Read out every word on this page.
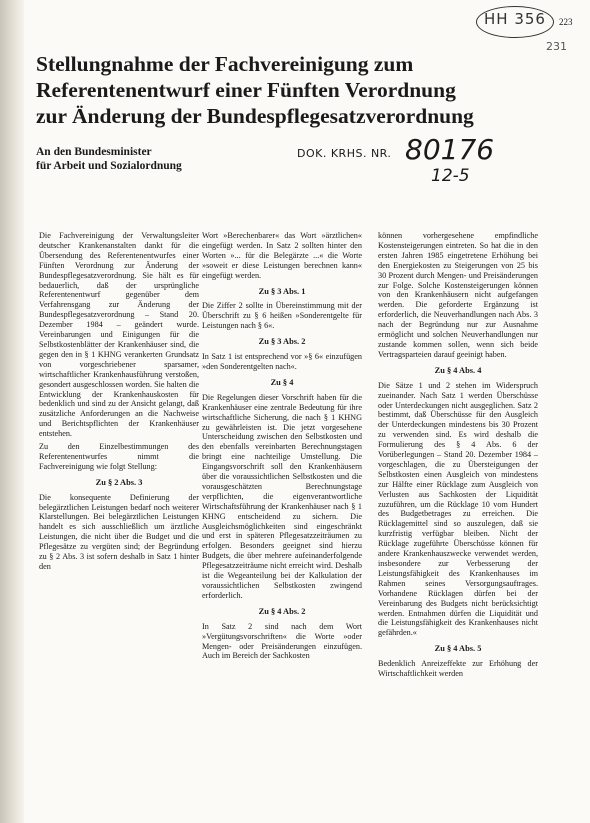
223
HH 356
231
Stellungnahme der Fachvereinigung zum
Referentenentwurf einer Fünften Verordnung
zur Änderung der Bundespflegesatzverordnung
An den Bundesminister
für Arbeit und Sozialordnung
DOK. KRHS. NR. 80176
12-5

Die Fachvereinigung der Verwaltungsleiter deutscher Krankenanstalten dankt für die Übersendung des Referentenentwurfes einer Fünften Verordnung zur Änderung der Bundespflegesatzverordnung. Sie hält es für bedauerlich, daß der ursprüngliche Referentenentwurf gegenüber dem Verfahrensgang zur Änderung der Bundespflegesatzverordnung – Stand 20. Dezember 1984 – geändert wurde. Vereinbarungen und Einigungen für die Selbstkostenblätter der Krankenhäuser sind, die gegen den in § 1 KHNG verankerten Grundsatz von vorgeschriebener sparsamer, wirtschaftlicher Krankenhausführung verstoßen, gesondert ausgeschlossen worden. Sie halten die Entwicklung der Krankenhauskosten für bedenklich und sind zu der Ansicht gelangt, daß zusätzliche Anforderungen an die Nachweise und Berichtspflichten der Krankenhäuser entstehen.

Zu den Einzelbestimmungen des Referentenentwurfes nimmt die Fachvereinigung wie folgt Stellung:

Zu § 2 Abs. 3

Die konsequente Definierung der belegärztlichen Leistungen bedarf noch weiterer Klarstellungen. Bei belegärztlichen Leistungen handelt es sich ausschließlich um ärztliche Leistungen, die nicht über die Budget und die Pflegesätze zu vergüten sind; der Begründung zu § 2 Abs. 3 ist sofern deshalb in Satz 1 hinter den

Wort »Berechenbarer« das Wort »ärztlichen« eingefügt werden. In Satz 2 sollten hinter den Worten »... für die Belegärzte ...« die Worte »soweit er diese Leistungen berechnen kann« eingefügt werden.

Zu § 3 Abs. 1

Die Ziffer 2 sollte in Übereinstimmung mit der Überschrift zu § 6 heißen »Sonderentgelte für Leistungen nach § 6«.

Zu § 3 Abs. 2

In Satz 1 ist entsprechend vor »§ 6« einzufügen »den Sonderentgelten nach«.

Zu § 4

Die Regelungen dieser Vorschrift haben für die Krankenhäuser eine zentrale Bedeutung für ihre wirtschaftliche Sicherung, die nach § 1 KHNG zu gewährleisten ist. Die jetzt vorgesehene Unterscheidung zwischen den Selbstkosten und den ebenfalls vereinbarten Berechnungstagen bringt eine nachteilige Umstellung. Die Eingangsvorschrift soll den Krankenhäusern über die voraussichtlichen Selbstkosten und die vorausgeschätzten Berechnungstage verpflichten, die eigenverantwortliche Wirtschaftsführung der Krankenhäuser nach § 1 KHNG entscheidend zu sichern. Die Ausgleichsmöglichkeiten sind eingeschränkt und erst in späteren Pflegesatzzeiträumen zu erfolgen. Besonders geeignet sind hierzu Budgets, die über mehrere aufeinanderfolgende Pflegesatzzeiträume nicht erreicht wird. Deshalb ist die Wegeanteilung bei der Kalkulation der voraussichtlichen Selbstkosten zwingend erforderlich.

Zu § 4 Abs. 2

In Satz 2 sind nach dem Wort »Vergütungsvorschriften« die Worte »oder Mengen- oder Preisänderungen einzufügen. Auch im Bereich der Sachkosten

können vorhergesehene empfindliche Kostensteigerungen eintreten. So hat die in den ersten Jahren 1985 eingetretene Erhöhung bei den Energiekosten zu Steigerungen von 25 bis 30 Prozent durch Mengen- und Preisänderungen zur Folge. Solche Kostensteigerungen können von den Krankenhäusern nicht aufgefangen werden. Die geforderte Ergänzung ist erforderlich, die Neuverhandlungen nach Abs. 3 nach der Begründung nur zur Ausnahme ermöglicht und solchen Neuverhandlungen nur zustande kommen sollen, wenn sich beide Vertragsparteien darauf geeinigt haben.

Zu § 4 Abs. 4

Die Sätze 1 und 2 stehen im Widerspruch zueinander. Nach Satz 1 werden Überschüsse oder Unterdeckungen nicht ausgeglichen. Satz 2 bestimmt, daß Überschüsse für den Ausgleich der Unterdeckungen mindestens bis 30 Prozent zu verwenden sind. Es wird deshalb die Formulierung des § 4 Abs. 6 der Vorüberlegungen – Stand 20. Dezember 1984 – vorgeschlagen, die zu Übersteigungen der Selbstkosten einen Ausgleich von mindestens zur Hälfte einer Rücklage zum Ausgleich von Verlusten aus Sachkosten der Liquidität zuzuführen, um die Rücklage 10 vom Hundert des Budgetbetrages zu erreichen. Die Rücklagemittel sind so auszulegen, daß sie kurzfristig verfügbar bleiben. Nicht der Rücklage zugeführte Überschüsse können für andere Krankenhauszwecke verwendet werden, insbesondere zur Verbesserung der Leistungsfähigkeit des Krankenhauses im Rahmen seines Versorgungsauftrages. Vorhandene Rücklagen dürfen bei der Vereinbarung des Budgets nicht berücksichtigt werden. Entnahmen dürfen die Liquidität und die Leistungsfähigkeit des Krankenhauses nicht gefährden.«

Zu § 4 Abs. 5

Bedenklich Anreizeffekte zur Erhöhung der Wirtschaftlichkeit werden
